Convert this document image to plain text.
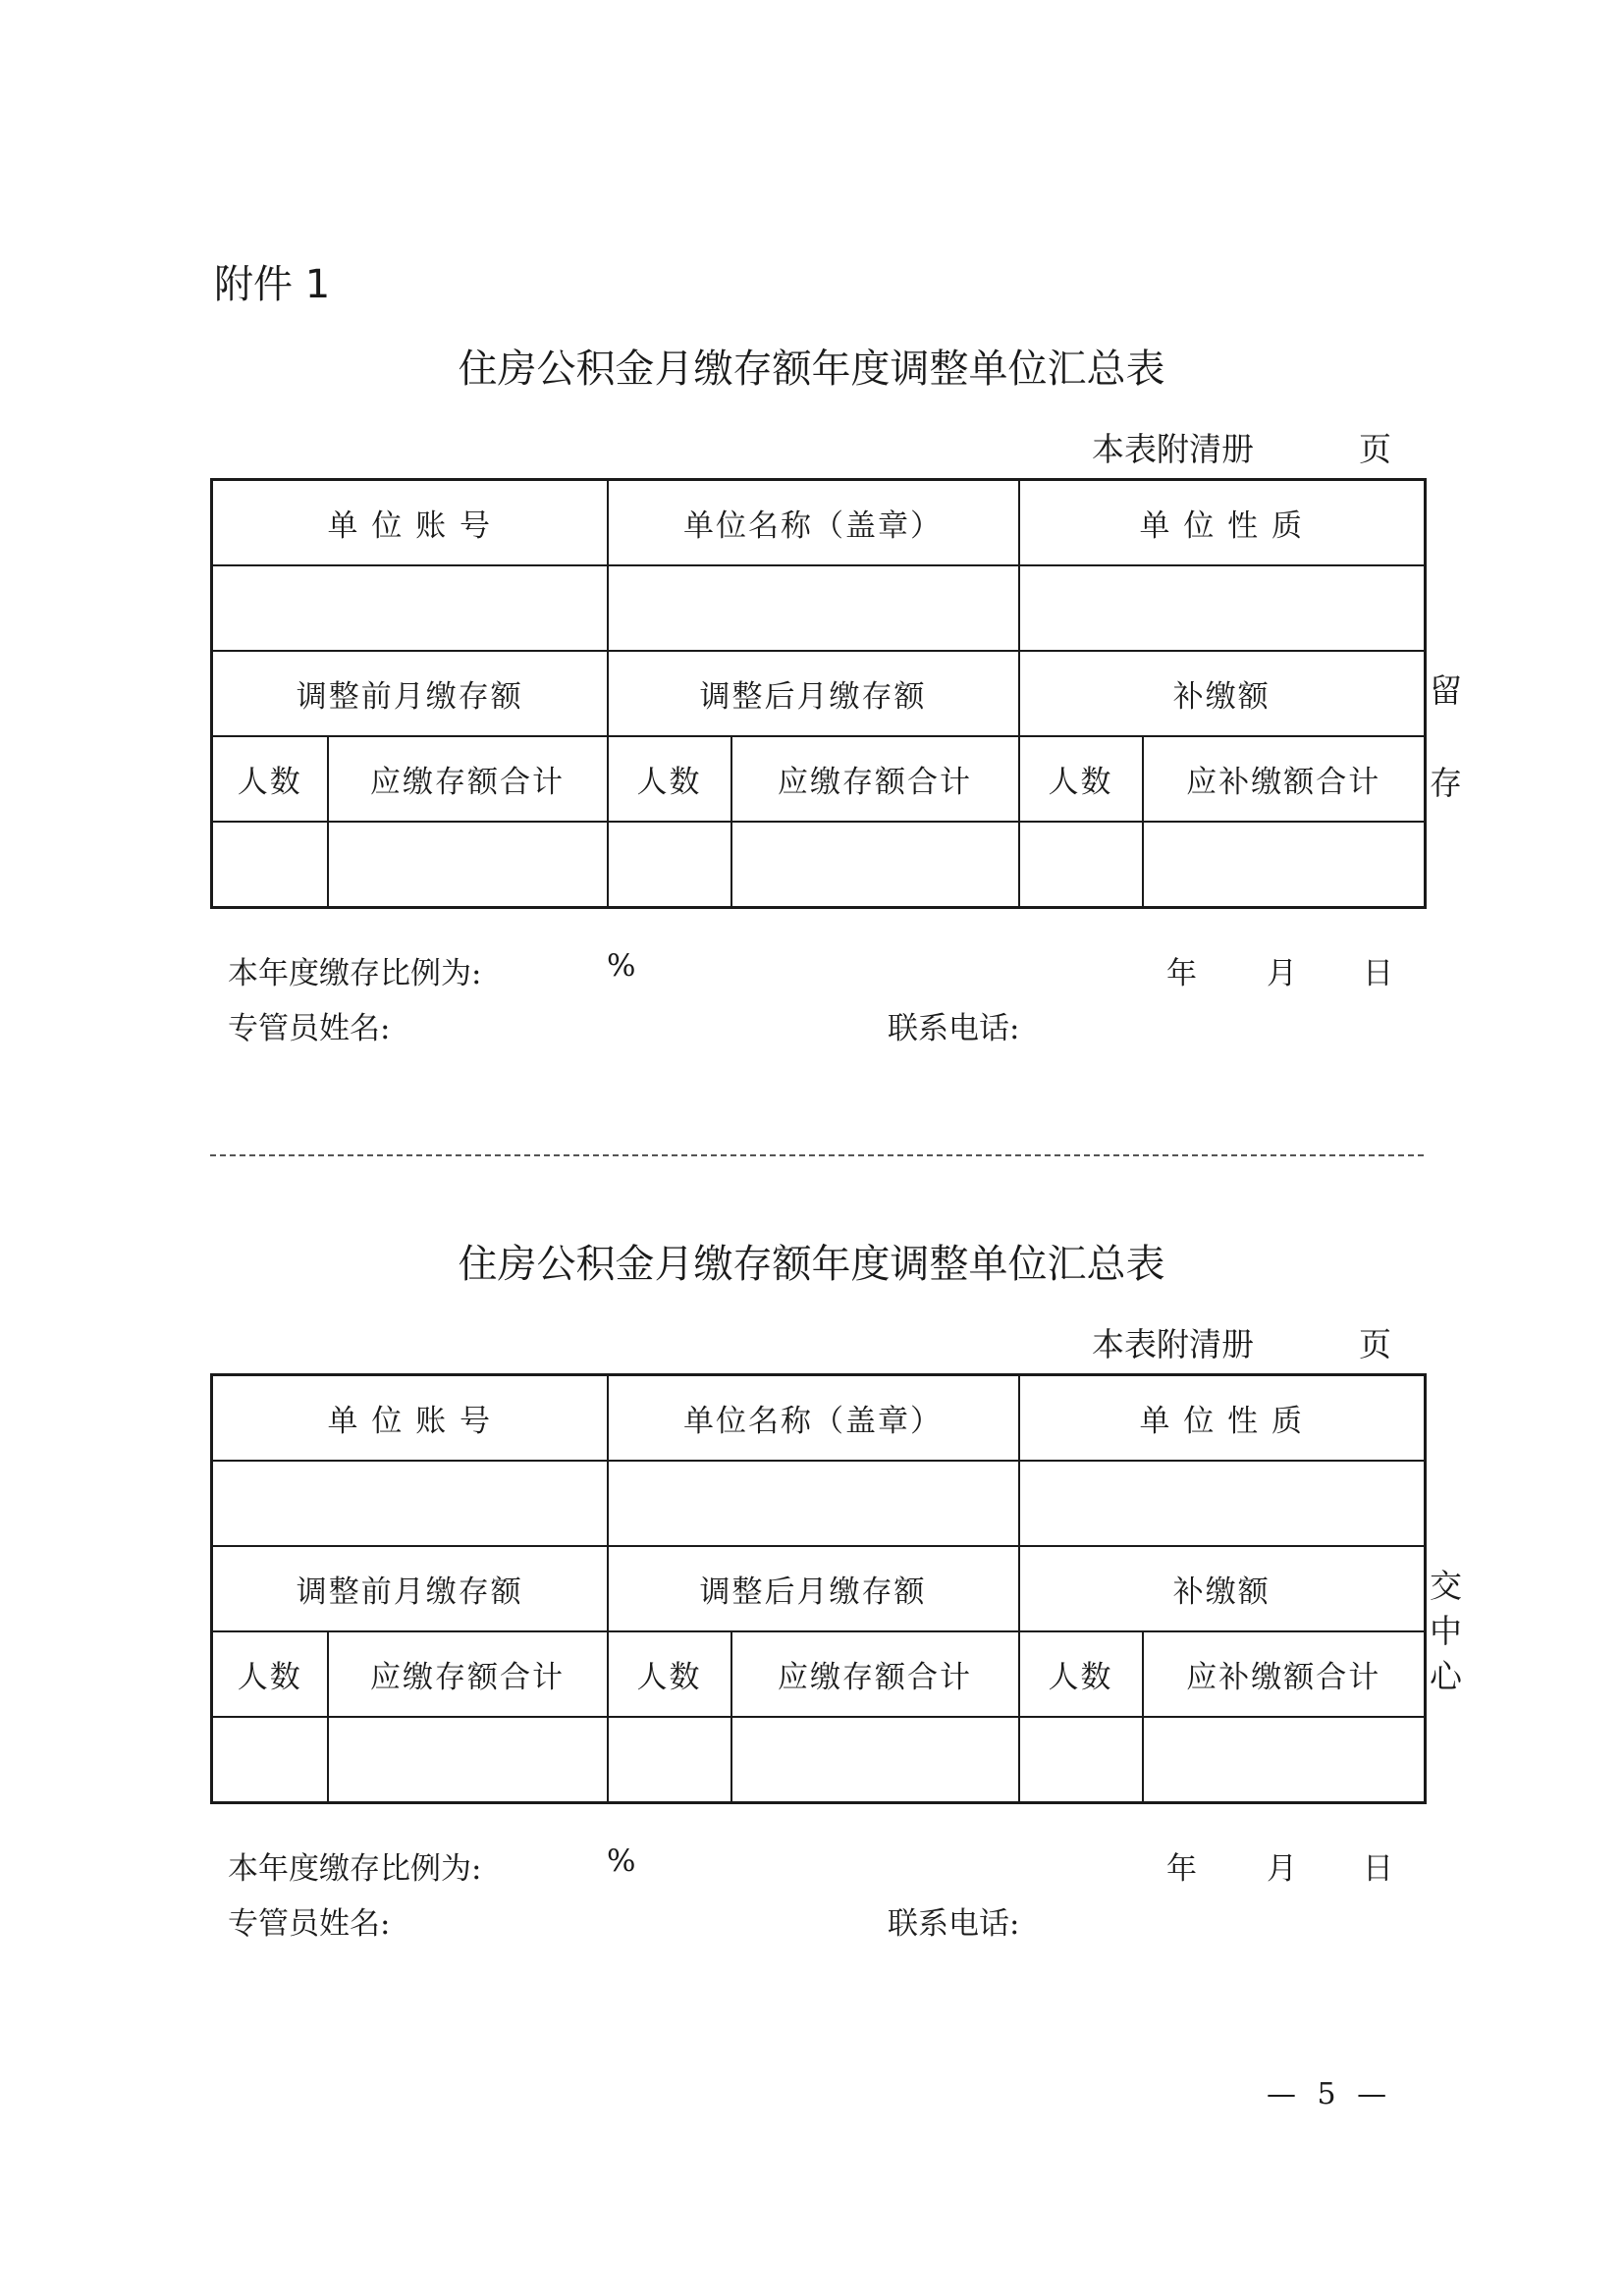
附件 1
住房公积金月缴存额年度调整单位汇总表
本表附清册	页
单 位 账 号		单位名称（盖章）		单 位 性 质	

调整前月缴存额		调整后月缴存额		补缴额	
人数	应缴存额合计	人数	应缴存额合计	人数	应补缴额合计

留
存
本年度缴存比例为:	%	年 月 日
专管员姓名:	联系电话:
住房公积金月缴存额年度调整单位汇总表
本表附清册	页
单 位 账 号		单位名称（盖章）		单 位 性 质	

调整前月缴存额		调整后月缴存额		补缴额	
人数	应缴存额合计	人数	应缴存额合计	人数	应补缴额合计

交
中
心
本年度缴存比例为:	%	年 月 日
专管员姓名:	联系电话:
— 5 —
